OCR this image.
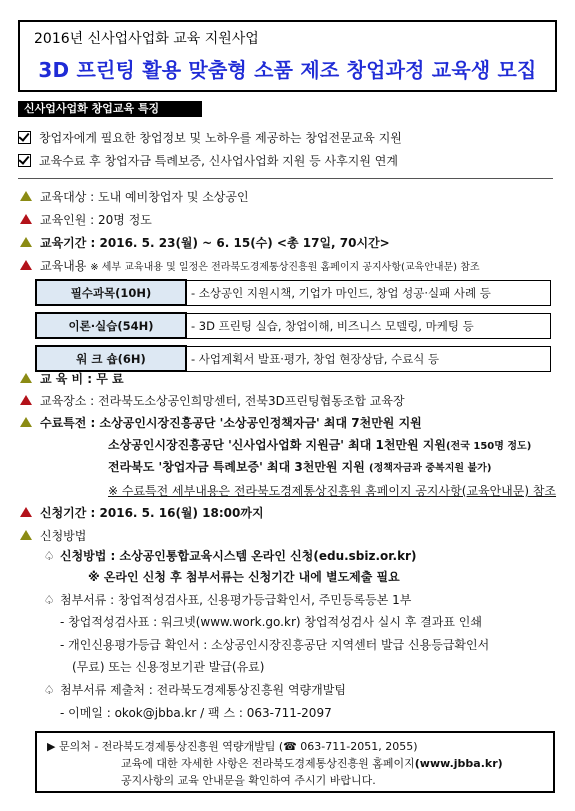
2016년 신사업사업화 교육 지원사업
3D 프린팅 활용 맞춤형 소품 제조 창업과정 교육생 모집
신사업사업화 창업교육 특징
창업자에게 필요한 창업정보 및 노하우를 제공하는 창업전문교육 지원
교육수료 후 창업자금 특례보증, 신사업사업화 지원 등 사후지원 연계
교육대상 : 도내 예비창업자 및 소상공인
교육인원 : 20명 정도
교육기간 : 2016. 5. 23(월) ~ 6. 15(수) <총 17일, 70시간>
교육내용 ※ 세부 교육내용 및 일정은 전라북도경제통상진흥원 홈페이지 공지사항(교육안내문) 참조
필수과목(10H)	- 소상공인 지원시책, 기업가 마인드, 창업 성공·실패 사례 등

이론·실습(54H)	- 3D 프린팅 실습, 창업이해, 비즈니스 모델링, 마케팅 등

워 크 숍(6H)	- 사업계획서 발표·평가, 창업 현장상담, 수료식 등
교 육 비 : 무 료
교육장소 : 전라북도소상공인희망센터, 전북3D프린팅협동조합 교육장
수료특전 : 소상공인시장진흥공단 '소상공인정책자금' 최대 7천만원 지원
소상공인시장진흥공단 '신사업사업화 지원금' 최대 1천만원 지원(전국 150명 정도)
전라북도 '창업자금 특례보증' 최대 3천만원 지원 (정책자금과 중복지원 불가)
※ 수료특전 세부내용은 전라북도경제통상진흥원 홈페이지 공지사항(교육안내문) 참조
신청기간 : 2016. 5. 16(월) 18:00까지
신청방법
♤ 신청방법 : 소상공인통합교육시스템 온라인 신청(edu.sbiz.or.kr)
※ 온라인 신청 후 첨부서류는 신청기간 내에 별도제출 필요
♤ 첨부서류 : 창업적성검사표, 신용평가등급확인서, 주민등록등본 1부
- 창업적성검사표 : 워크넷(www.work.go.kr) 창업적성검사 실시 후 결과표 인쇄
- 개인신용평가등급 확인서 : 소상공인시장진흥공단 지역센터 발급 신용등급확인서
(무료) 또는 신용정보기관 발급(유료)
♤ 첨부서류 제출처 : 전라북도경제통상진흥원 역량개발팀
- 이메일 : okok@jbba.kr / 팩 스 : 063-711-2097
▶ 문의처 - 전라북도경제통상진흥원 역량개발팀 (☎ 063-711-2051, 2055)
교육에 대한 자세한 사항은 전라북도경제통상진흥원 홈페이지(www.jbba.kr)
공지사항의 교육 안내문을 확인하여 주시기 바랍니다.
